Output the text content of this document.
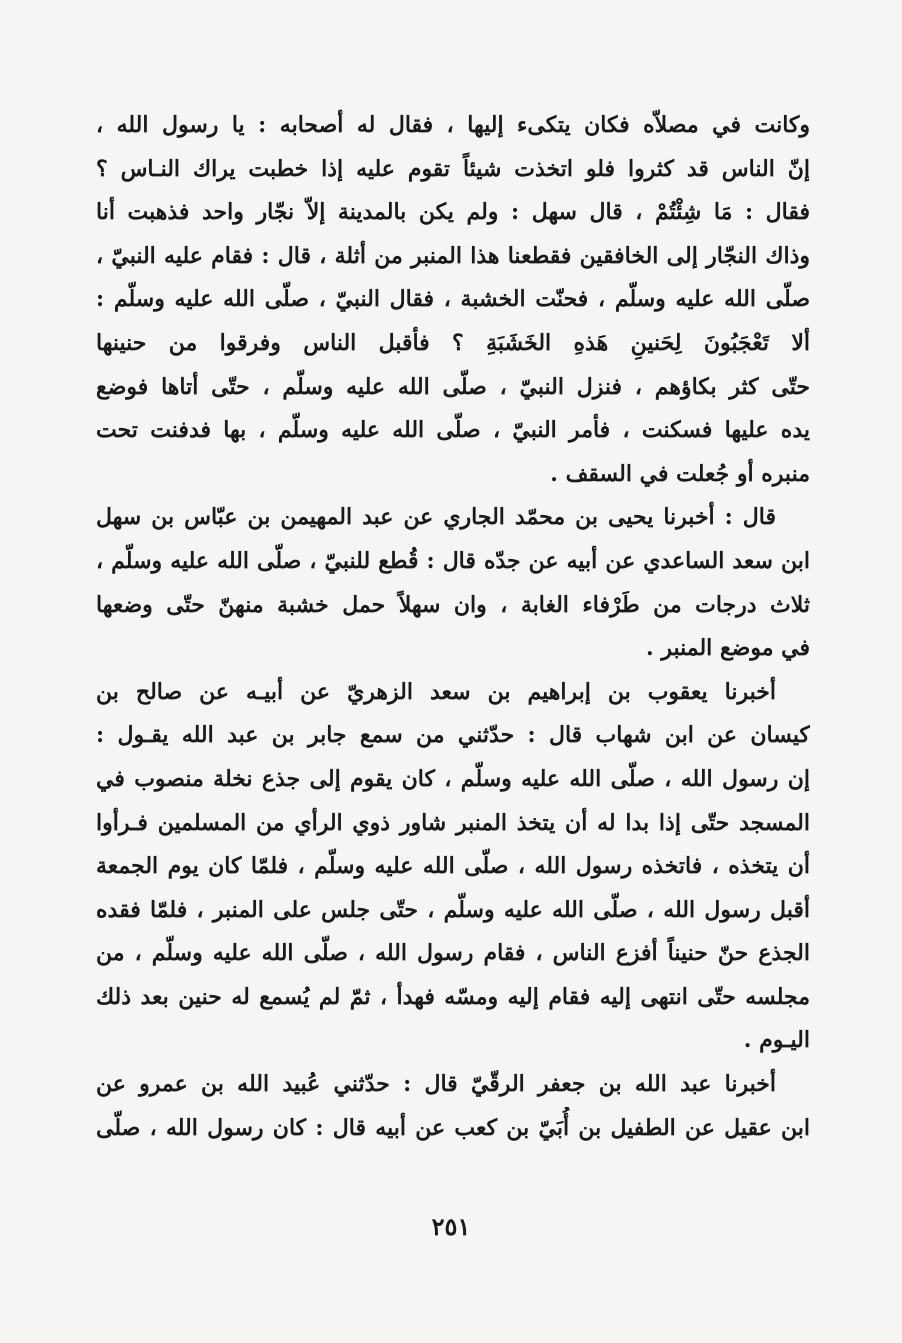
وكانت في مصلاّه فكان يتكىء إليها ، فقال له أصحابه : يا رسول الله ،
إنّ الناس قد كثروا فلو اتخذت شيئاً تقوم عليه إذا خطبت يراك النـاس ؟
فقال : مَا شِئْتُمْ ، قال سهل : ولم يكن بالمدينة إلاّ نجّار واحد فذهبت أنا
وذاك النجّار إلى الخافقين فقطعنا هذا المنبر من أثلة ، قال : فقام عليه النبيّ ،
صلّى الله عليه وسلّم ، فحنّت الخشبة ، فقال النبيّ ، صلّى الله عليه وسلّم :
ألا تَعْجَبُونَ لِحَنينِ هَذهِ الخَشَبَةِ ؟ فأقبل الناس وفرقوا من حنينها
حتّى كثر بكاؤهم ، فنزل النبيّ ، صلّى الله عليه وسلّم ، حتّى أتاها فوضع
يده عليها فسكنت ، فأمر النبيّ ، صلّى الله عليه وسلّم ، بها فدفنت تحت
منبره أو جُعلت في السقف .
قال : أخبرنا يحيى بن محمّد الجاري عن عبد المهيمن بن عبّاس بن سهل
ابن سعد الساعدي عن أبيه عن جدّه قال : قُطع للنبيّ ، صلّى الله عليه وسلّم ،
ثلاث درجات من طَرْفاء الغابة ، وان سهلاً حمل خشبة منهنّ حتّى وضعها
في موضع المنبر .
أخبرنا يعقوب بن إبراهيم بن سعد الزهريّ عن أبيـه عن صالح بن
كيسان عن ابن شهاب قال : حدّثني من سمع جابر بن عبد الله يقـول :
إن رسول الله ، صلّى الله عليه وسلّم ، كان يقوم إلى جذع نخلة منصوب في
المسجد حتّى إذا بدا له أن يتخذ المنبر شاور ذوي الرأي من المسلمين فـرأوا
أن يتخذه ، فاتخذه رسول الله ، صلّى الله عليه وسلّم ، فلمّا كان يوم الجمعة
أقبل رسول الله ، صلّى الله عليه وسلّم ، حتّى جلس على المنبر ، فلمّا فقده
الجذع حنّ حنيناً أفزع الناس ، فقام رسول الله ، صلّى الله عليه وسلّم ، من
مجلسه حتّى انتهى إليه فقام إليه ومسّه فهدأ ، ثمّ لم يُسمع له حنين بعد ذلك
اليـوم .
أخبرنا عبد الله بن جعفر الرقّيّ قال : حدّثني عُبيد الله بن عمرو عن
ابن عقيل عن الطفيل بن أُبَيّ بن كعب عن أبيه قال : كان رسول الله ، صلّى
٢٥١
